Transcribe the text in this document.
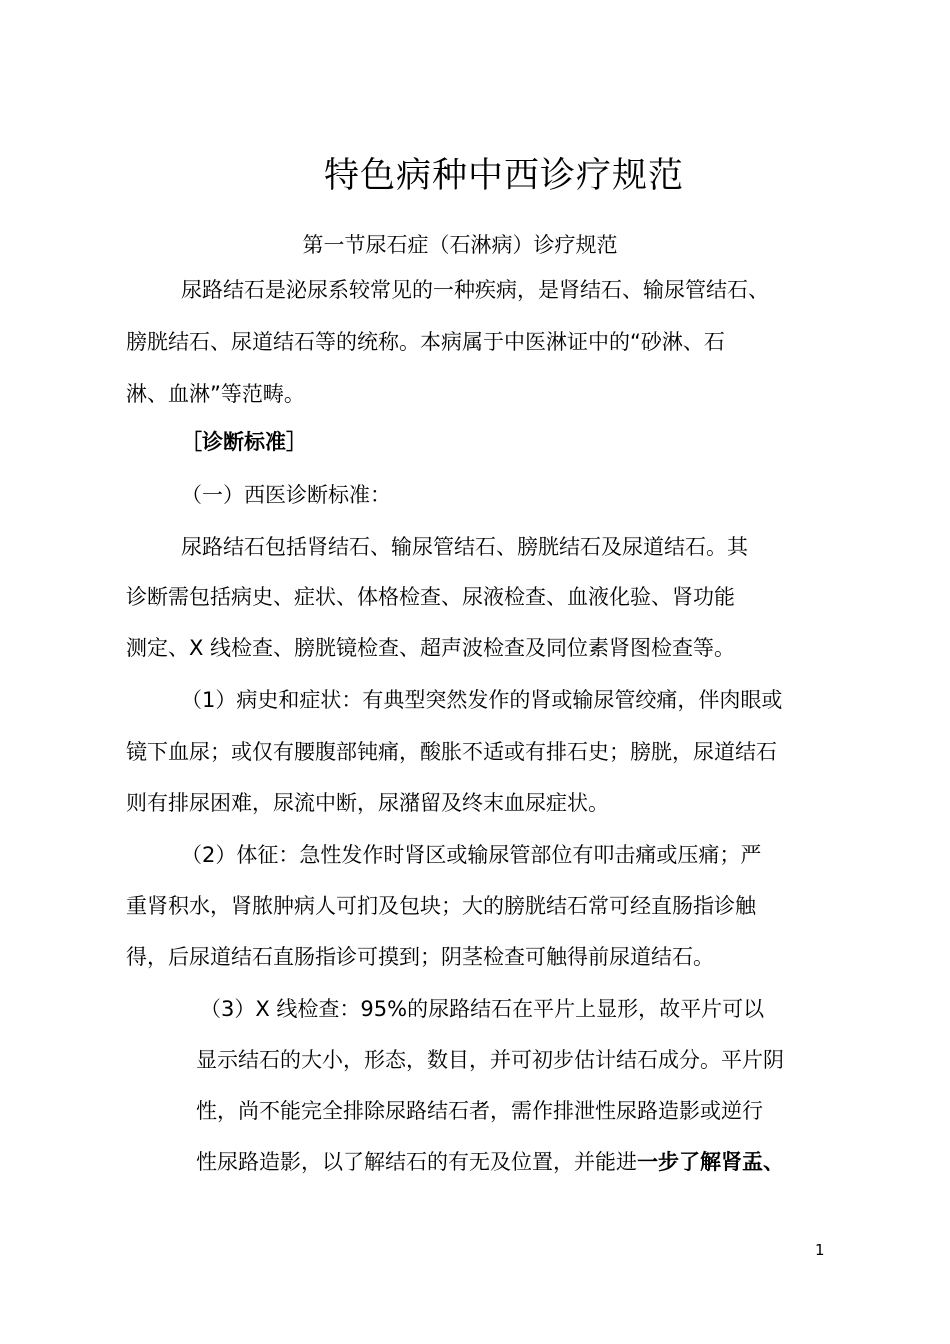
特色病种中西诊疗规范
第一节尿石症（石淋病）诊疗规范
尿路结石是泌尿系较常见的一种疾病，是肾结石、输尿管结石、
膀胱结石、尿道结石等的统称。本病属于中医淋证中的“砂淋、石
淋、血淋”等范畴。
［诊断标准］
（一）西医诊断标准：
尿路结石包括肾结石、输尿管结石、膀胱结石及尿道结石。其
诊断需包括病史、症状、体格检查、尿液检查、血液化验、肾功能
测定、X 线检查、膀胱镜检查、超声波检查及同位素肾图检查等。
（1）病史和症状：有典型突然发作的肾或输尿管绞痛，伴肉眼或
镜下血尿；或仅有腰腹部钝痛，酸胀不适或有排石史；膀胱，尿道结石
则有排尿困难，尿流中断，尿潴留及终末血尿症状。
（2）体征：急性发作时肾区或输尿管部位有叩击痛或压痛；严
重肾积水，肾脓肿病人可扪及包块；大的膀胱结石常可经直肠指诊触
得，后尿道结石直肠指诊可摸到；阴茎检查可触得前尿道结石。
（3）X 线检查：95%的尿路结石在平片上显形，故平片可以
显示结石的大小，形态，数目，并可初步估计结石成分。平片阴
性，尚不能完全排除尿路结石者，需作排泄性尿路造影或逆行
性尿路造影，以了解结石的有无及位置，并能进一步了解肾盂、
1
